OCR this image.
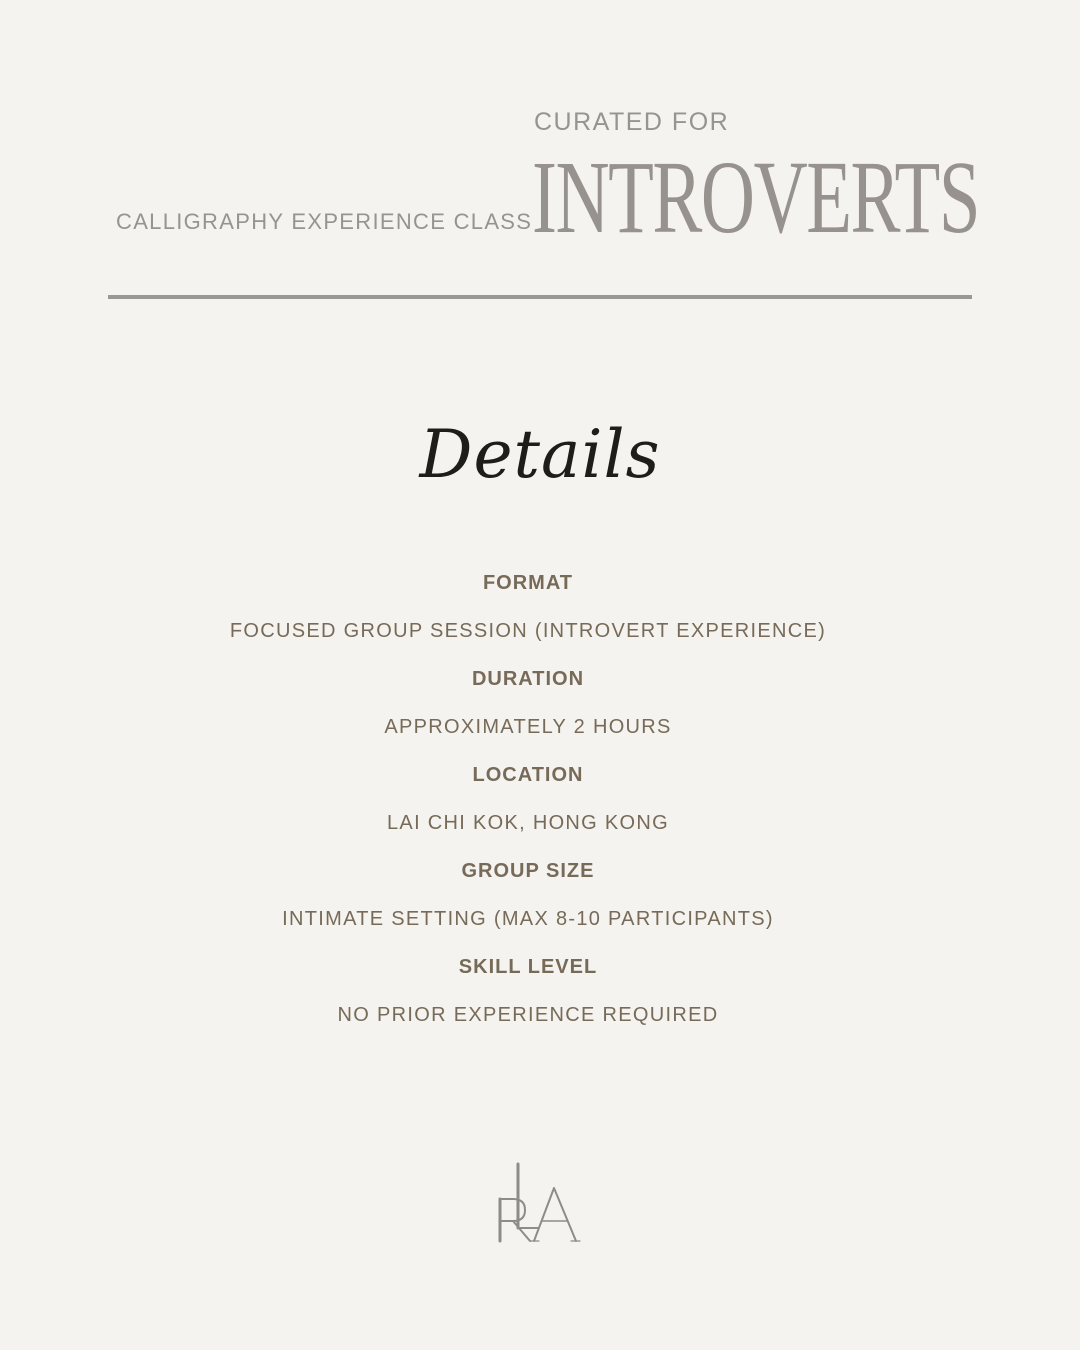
CURATED FOR
CALLIGRAPHY EXPERIENCE CLASS INTROVERTS
Details
FORMAT
FOCUSED GROUP SESSION (INTROVERT EXPERIENCE)
DURATION
APPROXIMATELY 2 HOURS
LOCATION
LAI CHI KOK, HONG KONG
GROUP SIZE
INTIMATE SETTING (MAX 8-10 PARTICIPANTS)
SKILL LEVEL
NO PRIOR EXPERIENCE REQUIRED
